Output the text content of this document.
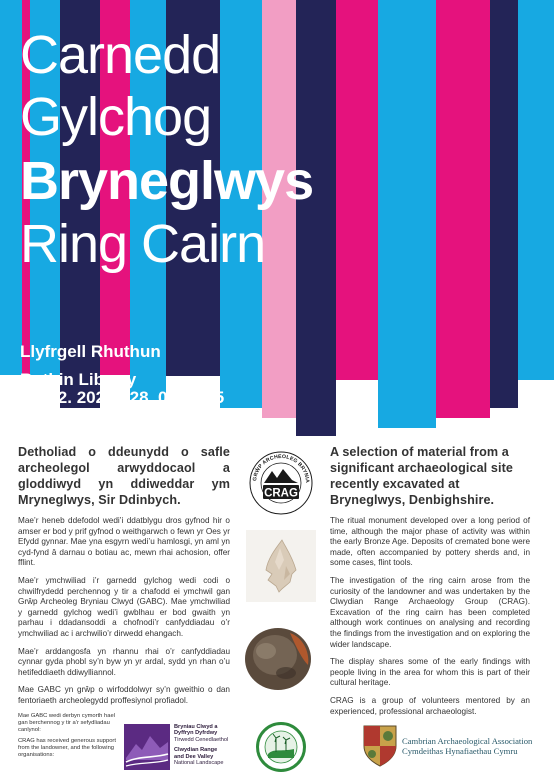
Carnedd
Gylchog
Bryneglwys
Ring Cairn

Llyfrgell Rhuthun

Ruthin Library

01. 02. 2025 - 28. 02. 2025

Detholiad o ddeunydd o safle archeolegol arwyddocaol a gloddiwyd yn ddiweddar ym Mryneglwys, Sir Ddinbych.

Mae’r heneb ddefodol wedi’i ddatblygu dros gyfnod hir o amser er bod y prif gyfnod o weithgarwch o fewn yr Oes yr Efydd gynnar. Mae yna esgyrn wedi’u hamlosgi, yn aml yn cyd-fynd â darnau o botiau ac, mewn rhai achosion, offer fflint.

Mae’r ymchwiliad i’r garnedd gylchog wedi codi o chwilfrydedd perchennog y tir a chafodd ei ymchwil gan Grŵp Archeoleg Bryniau Clwyd (GABC). Mae ymchwiliad y garnedd gylchog wedi’i gwblhau er bod gwaith yn parhau i ddadansoddi a chofnodi’r canfyddiadau o’r ymchwiliad ac i archwilio’r dirwedd ehangach.

Mae’r arddangosfa yn rhannu rhai o’r canfyddiadau cynnar gyda phobl sy’n byw yn yr ardal, sydd yn rhan o’u hetifeddiaeth ddiwylliannol.

Mae GABC yn grŵp o wirfoddolwyr sy’n gweithio o dan fentoriaeth archeolegydd proffesiynol profiadol.

GRŴP ARCHEOLEG BRYNIA
CRAG

A selection of material from a significant archaeological site recently excavated at Bryneglwys, Denbighshire.

The ritual monument developed over a long period of time, although the major phase of activity was within the early Bronze Age. Deposits of cremated bone were made, often accompanied by pottery sherds and, in some cases, flint tools.

The investigation of the ring cairn arose from the curiosity of the landowner and was undertaken by the Clwydian Range Archaeology Group (CRAG). Excavation of the ring cairn has been completed although work continues on analysing and recording the findings from the investigation and on exploring the wider landscape.

The display shares some of the early findings with people living in the area for whom this is part of their cultural heritage.

CRAG is a group of volunteers mentored by an experienced, professional archaeologist.

Mae GABC wedi derbyn cymorth hael gan berchennog y tir a’r sefydliadau canlynol:

CRAG has received generous support from the landowner, and the following organisations:

Bryniau Clwyd a
Dyffryn Dyfrdwy
Tirwedd Cenedlaethol
Clwydian Range
and Dee Valley
National Landscape
Cambrian Archaeological Association
Cymdeithas Hynafiaethau Cymru
